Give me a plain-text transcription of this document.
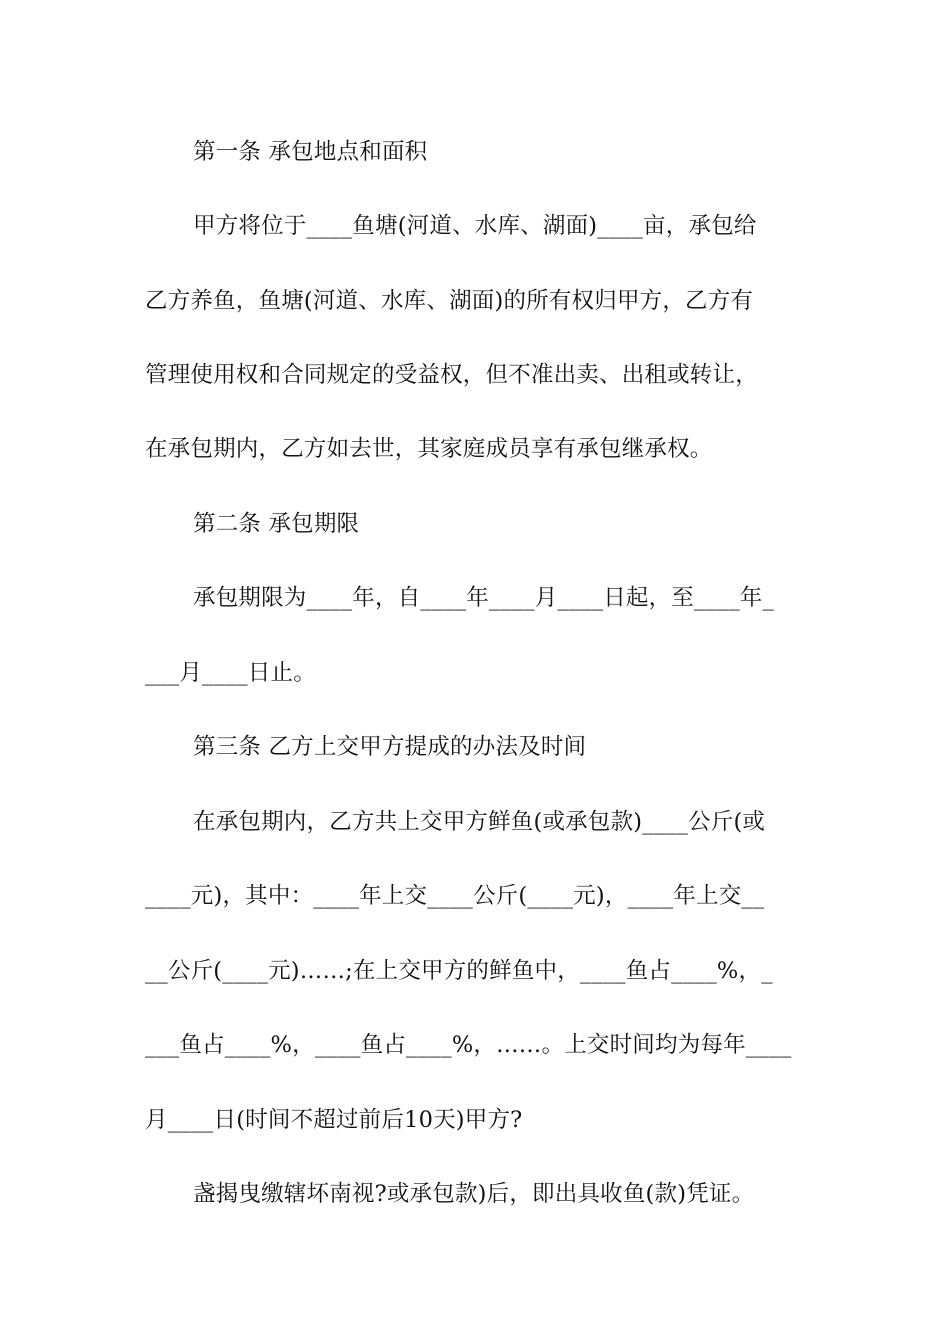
第一条 承包地点和面积
甲方将位于____鱼塘(河道、水库、湖面)____亩，承包给
乙方养鱼，鱼塘(河道、水库、湖面)的所有权归甲方，乙方有
管理使用权和合同规定的受益权，但不准出卖、出租或转让，
在承包期内，乙方如去世，其家庭成员享有承包继承权。
第二条 承包期限
承包期限为____年，自____年____月____日起，至____年_
___月____日止。
第三条 乙方上交甲方提成的办法及时间
在承包期内，乙方共上交甲方鲜鱼(或承包款)____公斤(或
____元)，其中：____年上交____公斤(____元)，____年上交__
__公斤(____元)……;在上交甲方的鲜鱼中，____鱼占____%，_
___鱼占____%，____鱼占____%，……。上交时间均为每年____
月____日(时间不超过前后10天)甲方?
盏揭曳缴辖坏南视?或承包款)后，即出具收鱼(款)凭证。
